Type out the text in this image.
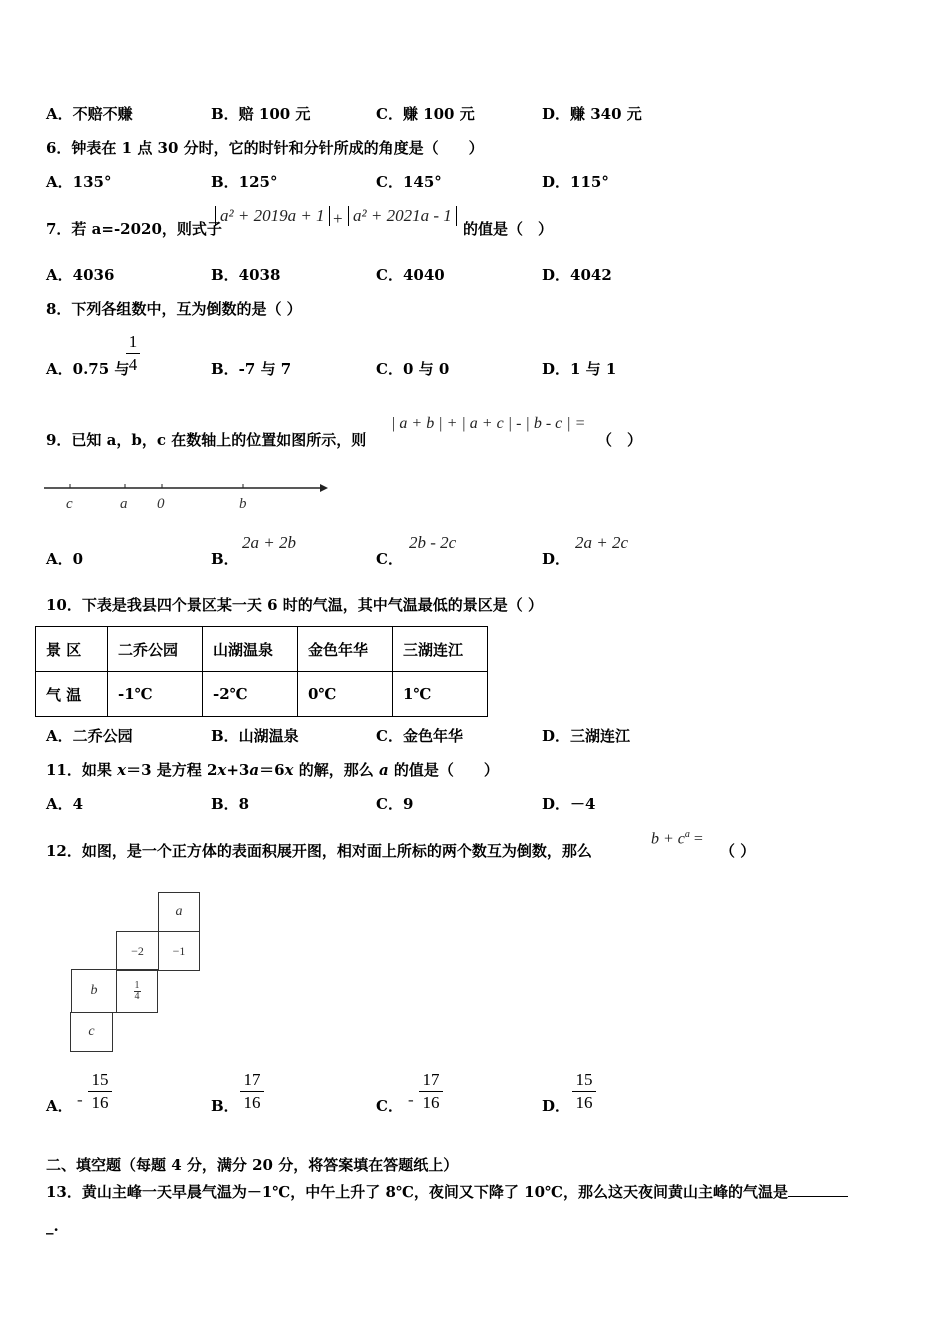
A．不赔不赚	B．赔 100 元	C．赚 100 元	D．赚 340 元
6．钟表在 1 点 30 分时，它的时针和分针所成的角度是（　　）
A．135°	B．125°	C．145°	D．115°
7．若 a=-2020，则式子
a² + 2019a + 1 + a² + 2021a - 1
的值是（　）
A．4036	B．4038	C．4040	D．4042
8．下列各组数中，互为倒数的是（ ）
A．0.75 与
1
4	B．-7 与 7	C．0 与 0	D．1 与 1
9．已知 a，b，c 在数轴上的位置如图所示，则
| a + b | + | a + c | - | b - c | =
（　）
c	a 0	b
A．0	B．
2a + 2b
C．
2b - 2c
D．
2a + 2c
10．下表是我县四个景区某一天 6 时的气温，其中气温最低的景区是（ ）
景 区	二乔公园	山湖温泉	金色年华	三湖连江
气 温	-1℃	-2℃	0℃	1℃
A．二乔公园	B．山湖温泉	C．金色年华	D．三湖连江
11．如果 x＝3 是方程 2x+3a＝6x 的解，那么 a 的值是（　　）
A．4	B．8	C．9	D．－4
12．如图，是一个正方体的表面积展开图，相对面上所标的两个数互为倒数，那么
$b + c^a$ =
（ ）
a
−2	−1
b	1
4
c
A． -
15
16	B．
17
16	C． -
17
16	D．
15
16
二、填空题（每题 4 分，满分 20 分，将答案填在答题纸上）
13．黄山主峰一天早晨气温为－1℃，中午上升了 8℃，夜间又下降了 10℃，那么这天夜间黄山主峰的气温是
_.
